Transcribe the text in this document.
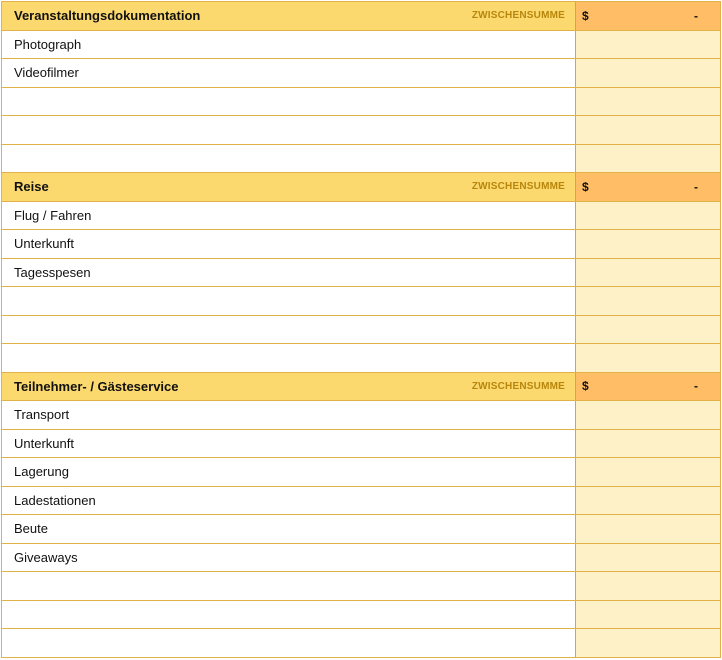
Veranstaltungsdokumentation	ZWISCHENSUMME $	-
Photograph
Videofilmer
Reise	ZWISCHENSUMME $	-
Flug / Fahren
Unterkunft
Tagesspesen
Teilnehmer- / Gästeservice	ZWISCHENSUMME $	-
Transport
Unterkunft
Lagerung
Ladestationen
Beute
Giveaways
